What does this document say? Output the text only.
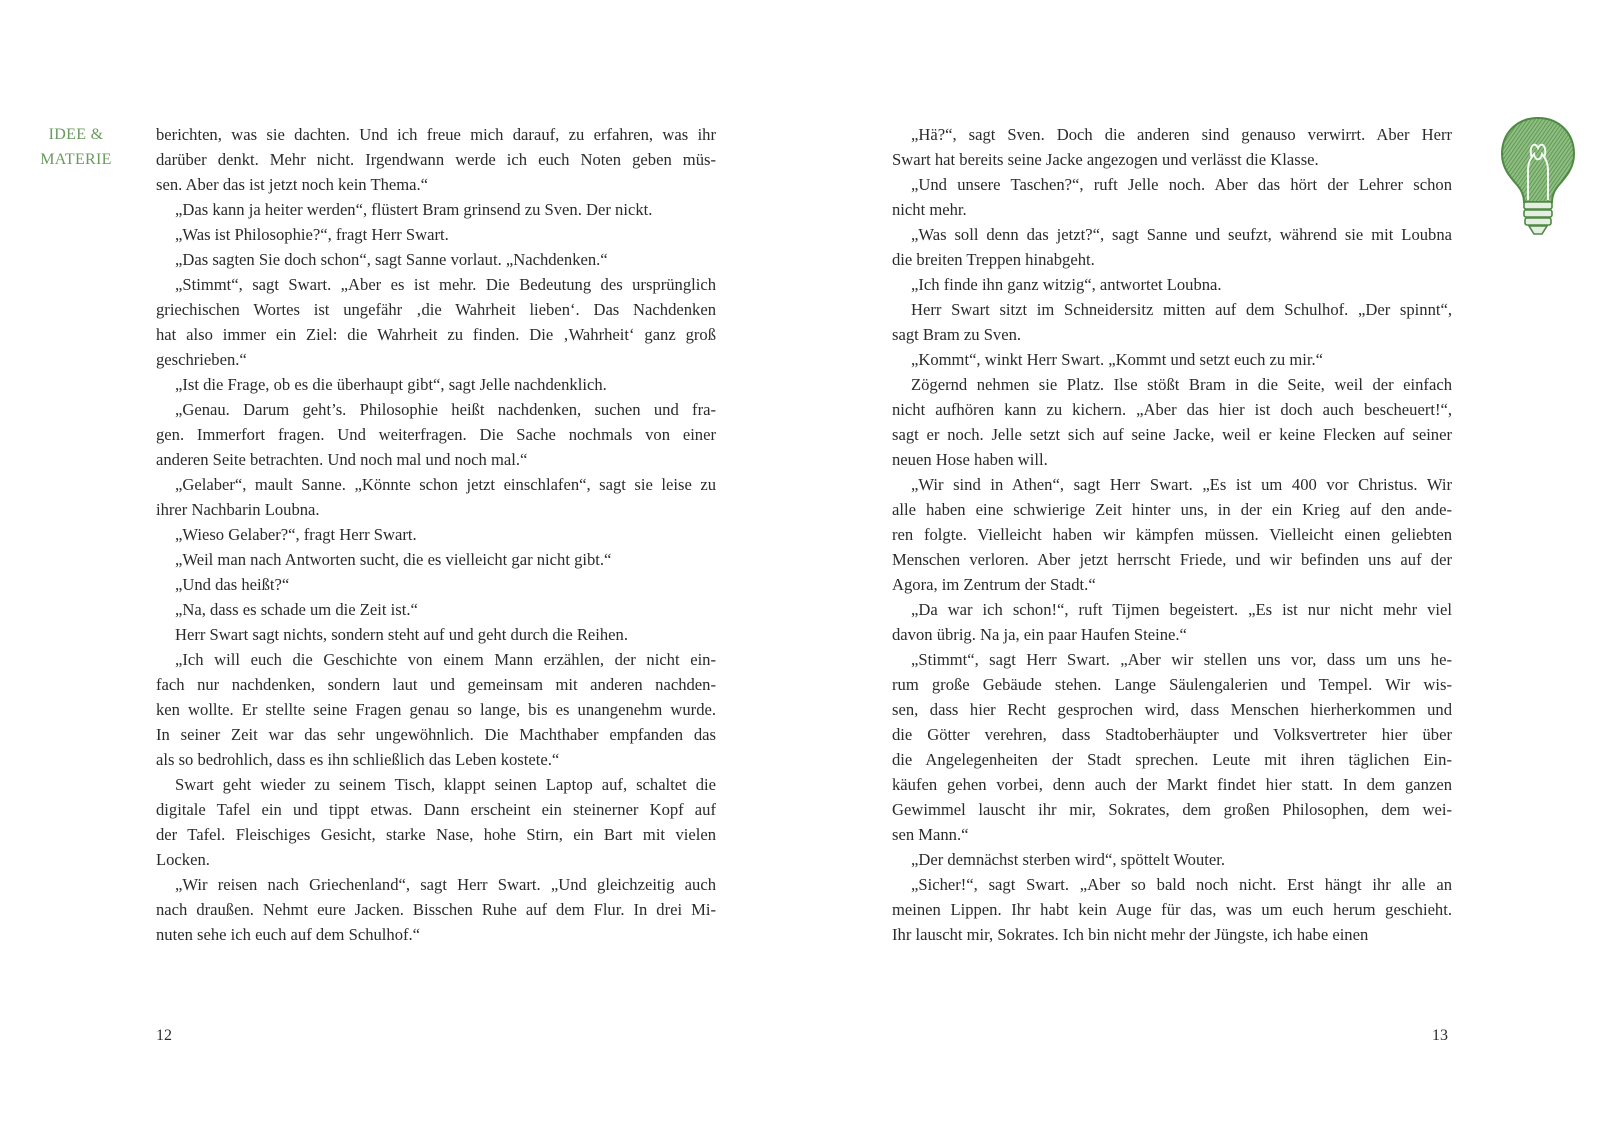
IDEE &
MATERIE
berichten, was sie dachten. Und ich freue mich darauf, zu erfahren, was ihr
darüber denkt. Mehr nicht. Irgendwann werde ich euch Noten geben müs-
sen. Aber das ist jetzt noch kein Thema.“
„Das kann ja heiter werden“, flüstert Bram grinsend zu Sven. Der nickt.
„Was ist Philosophie?“, fragt Herr Swart.
„Das sagten Sie doch schon“, sagt Sanne vorlaut. „Nachdenken.“
„Stimmt“, sagt Swart. „Aber es ist mehr. Die Bedeutung des ursprünglich
griechischen Wortes ist ungefähr ‚die Wahrheit lieben‘. Das Nachdenken
hat also immer ein Ziel: die Wahrheit zu finden. Die ‚Wahrheit‘ ganz groß
geschrieben.“
„Ist die Frage, ob es die überhaupt gibt“, sagt Jelle nachdenklich.
„Genau. Darum geht’s. Philosophie heißt nachdenken, suchen und fra-
gen. Immerfort fragen. Und weiterfragen. Die Sache nochmals von einer
anderen Seite betrachten. Und noch mal und noch mal.“
„Gelaber“, mault Sanne. „Könnte schon jetzt einschlafen“, sagt sie leise zu
ihrer Nachbarin Loubna.
„Wieso Gelaber?“, fragt Herr Swart.
„Weil man nach Antworten sucht, die es vielleicht gar nicht gibt.“
„Und das heißt?“
„Na, dass es schade um die Zeit ist.“
Herr Swart sagt nichts, sondern steht auf und geht durch die Reihen.
„Ich will euch die Geschichte von einem Mann erzählen, der nicht ein-
fach nur nachdenken, sondern laut und gemeinsam mit anderen nachden-
ken wollte. Er stellte seine Fragen genau so lange, bis es unangenehm wurde.
In seiner Zeit war das sehr ungewöhnlich. Die Machthaber empfanden das
als so bedrohlich, dass es ihn schließlich das Leben kostete.“
Swart geht wieder zu seinem Tisch, klappt seinen Laptop auf, schaltet die
digitale Tafel ein und tippt etwas. Dann erscheint ein steinerner Kopf auf
der Tafel. Fleischiges Gesicht, starke Nase, hohe Stirn, ein Bart mit vielen
Locken.
„Wir reisen nach Griechenland“, sagt Herr Swart. „Und gleichzeitig auch
nach draußen. Nehmt eure Jacken. Bisschen Ruhe auf dem Flur. In drei Mi-
nuten sehe ich euch auf dem Schulhof.“
„Hä?“, sagt Sven. Doch die anderen sind genauso verwirrt. Aber Herr
Swart hat bereits seine Jacke angezogen und verlässt die Klasse.
„Und unsere Taschen?“, ruft Jelle noch. Aber das hört der Lehrer schon
nicht mehr.
„Was soll denn das jetzt?“, sagt Sanne und seufzt, während sie mit Loubna
die breiten Treppen hinabgeht.
„Ich finde ihn ganz witzig“, antwortet Loubna.
Herr Swart sitzt im Schneidersitz mitten auf dem Schulhof. „Der spinnt“,
sagt Bram zu Sven.
„Kommt“, winkt Herr Swart. „Kommt und setzt euch zu mir.“
Zögernd nehmen sie Platz. Ilse stößt Bram in die Seite, weil der einfach
nicht aufhören kann zu kichern. „Aber das hier ist doch auch bescheuert!“,
sagt er noch. Jelle setzt sich auf seine Jacke, weil er keine Flecken auf seiner
neuen Hose haben will.
„Wir sind in Athen“, sagt Herr Swart. „Es ist um 400 vor Christus. Wir
alle haben eine schwierige Zeit hinter uns, in der ein Krieg auf den ande-
ren folgte. Vielleicht haben wir kämpfen müssen. Vielleicht einen geliebten
Menschen verloren. Aber jetzt herrscht Friede, und wir befinden uns auf der
Agora, im Zentrum der Stadt.“
„Da war ich schon!“, ruft Tijmen begeistert. „Es ist nur nicht mehr viel
davon übrig. Na ja, ein paar Haufen Steine.“
„Stimmt“, sagt Herr Swart. „Aber wir stellen uns vor, dass um uns he-
rum große Gebäude stehen. Lange Säulengalerien und Tempel. Wir wis-
sen, dass hier Recht gesprochen wird, dass Menschen hierherkommen und
die Götter verehren, dass Stadtoberhäupter und Volksvertreter hier über
die Angelegenheiten der Stadt sprechen. Leute mit ihren täglichen Ein-
käufen gehen vorbei, denn auch der Markt findet hier statt. In dem ganzen
Gewimmel lauscht ihr mir, Sokrates, dem großen Philosophen, dem wei-
sen Mann.“
„Der demnächst sterben wird“, spöttelt Wouter.
„Sicher!“, sagt Swart. „Aber so bald noch nicht. Erst hängt ihr alle an
meinen Lippen. Ihr habt kein Auge für das, was um euch herum geschieht.
Ihr lauscht mir, Sokrates. Ich bin nicht mehr der Jüngste, ich habe einen
12	13
